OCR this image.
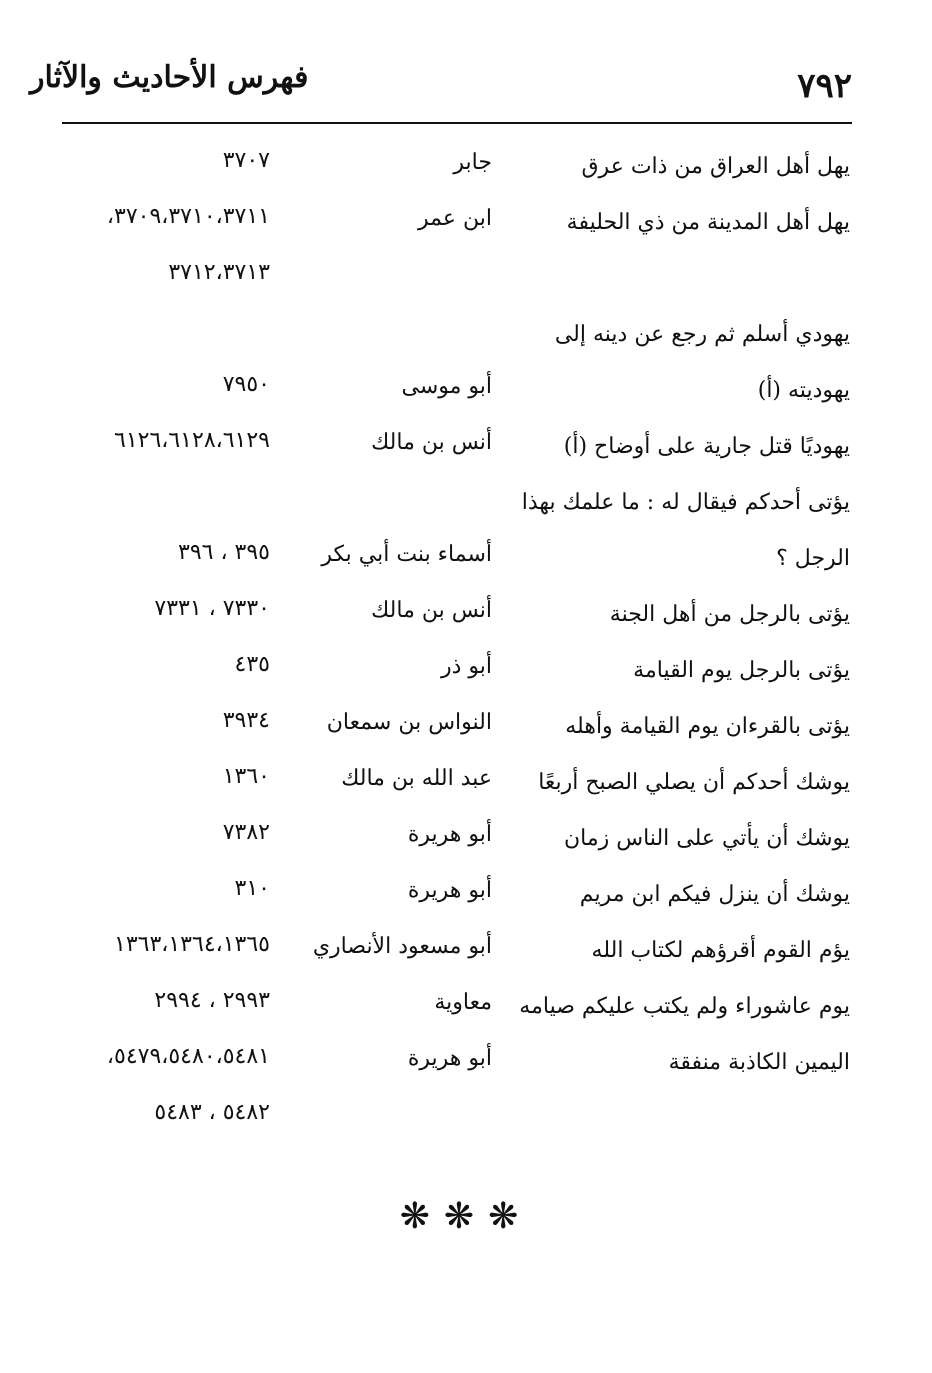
٧٩٢
فهرس الأحاديث والآثار
يهل أهل العراق من ذات عرق
جابر
٣٧٠٧
يهل أهل المدينة من ذي الحليفة
ابن عمر
٣٧٠٩،٣٧١٠،٣٧١١،
٣٧١٢،٣٧١٣
يهودي أسلم ثم رجع عن دينه إلى
يهوديته (أ)
أبو موسى
٧٩٥٠
يهوديًا قتل جارية على أوضاح (أ)
أنس بن مالك
٦١٢٦،٦١٢٨،٦١٢٩
يؤتى أحدكم فيقال له : ما علمك بهذا
الرجل ؟
أسماء بنت أبي بكر
٣٩٥ ، ٣٩٦
يؤتى بالرجل من أهل الجنة
أنس بن مالك
٧٣٣٠ ، ٧٣٣١
يؤتى بالرجل يوم القيامة
أبو ذر
٤٣٥
يؤتى بالقرءان يوم القيامة وأهله
النواس بن سمعان
٣٩٣٤
يوشك أحدكم أن يصلي الصبح أربعًا
عبد الله بن مالك
١٣٦٠
يوشك أن يأتي على الناس زمان
أبو هريرة
٧٣٨٢
يوشك أن ينزل فيكم ابن مريم
أبو هريرة
٣١٠
يؤم القوم أقرؤهم لكتاب الله
أبو مسعود الأنصاري
١٣٦٣،١٣٦٤،١٣٦٥
يوم عاشوراء ولم يكتب عليكم صيامه
معاوية
٢٩٩٣ ، ٢٩٩٤
اليمين الكاذبة منفقة
أبو هريرة
٥٤٧٩،٥٤٨٠،٥٤٨١،
٥٤٨٢ ، ٥٤٨٣
❋❋❋
